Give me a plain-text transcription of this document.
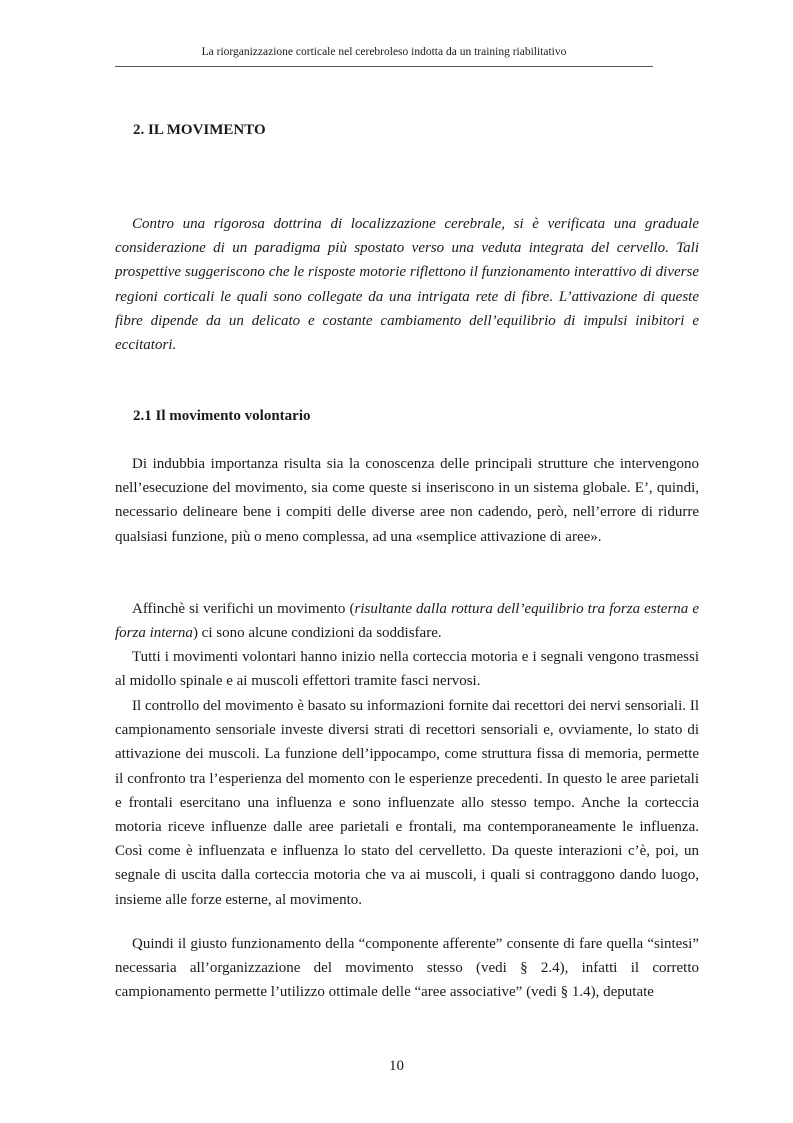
La riorganizzazione corticale nel cerebroleso indotta da un training riabilitativo
2. IL MOVIMENTO

Contro una rigorosa dottrina di localizzazione cerebrale, si è verificata una graduale considerazione di un paradigma più spostato verso una veduta integrata del cervello. Tali prospettive suggeriscono che le risposte motorie riflettono il funzionamento interattivo di diverse regioni corticali le quali sono collegate da una intrigata rete di fibre. L’attivazione di queste fibre dipende da un delicato e costante cambiamento dell’equilibrio di impulsi inibitori e eccitatori.

2.1 Il movimento volontario

Di indubbia importanza risulta sia la conoscenza delle principali strutture che intervengono nell’esecuzione del movimento, sia come queste si inseriscono in un sistema globale. E’, quindi, necessario delineare bene i compiti delle diverse aree non cadendo, però, nell’errore di ridurre qualsiasi funzione, più o meno complessa, ad una «semplice attivazione di aree».

Affinchè si verifichi un movimento (risultante dalla rottura dell’equilibrio tra forza esterna e forza interna) ci sono alcune condizioni da soddisfare.

Tutti i movimenti volontari hanno inizio nella corteccia motoria e i segnali vengono trasmessi al midollo spinale e ai muscoli effettori tramite fasci nervosi.

Il controllo del movimento è basato su informazioni fornite dai recettori dei nervi sensoriali. Il campionamento sensoriale investe diversi strati di recettori sensoriali e, ovviamente, lo stato di attivazione dei muscoli. La funzione dell’ippocampo, come struttura fissa di memoria, permette il confronto tra l’esperienza del momento con le esperienze precedenti. In questo le aree parietali e frontali esercitano una influenza e sono influenzate allo stesso tempo. Anche la corteccia motoria riceve influenze dalle aree parietali e frontali, ma contemporaneamente le influenza. Così come è influenzata e influenza lo stato del cervelletto. Da queste interazioni c’è, poi, un segnale di uscita dalla corteccia motoria che va ai muscoli, i quali si contraggono dando luogo, insieme alle forze esterne, al movimento.

Quindi il giusto funzionamento della “componente afferente” consente di fare quella “sintesi” necessaria all’organizzazione del movimento stesso (vedi § 2.4), infatti il corretto campionamento permette l’utilizzo ottimale delle “aree associative” (vedi § 1.4), deputate

10
